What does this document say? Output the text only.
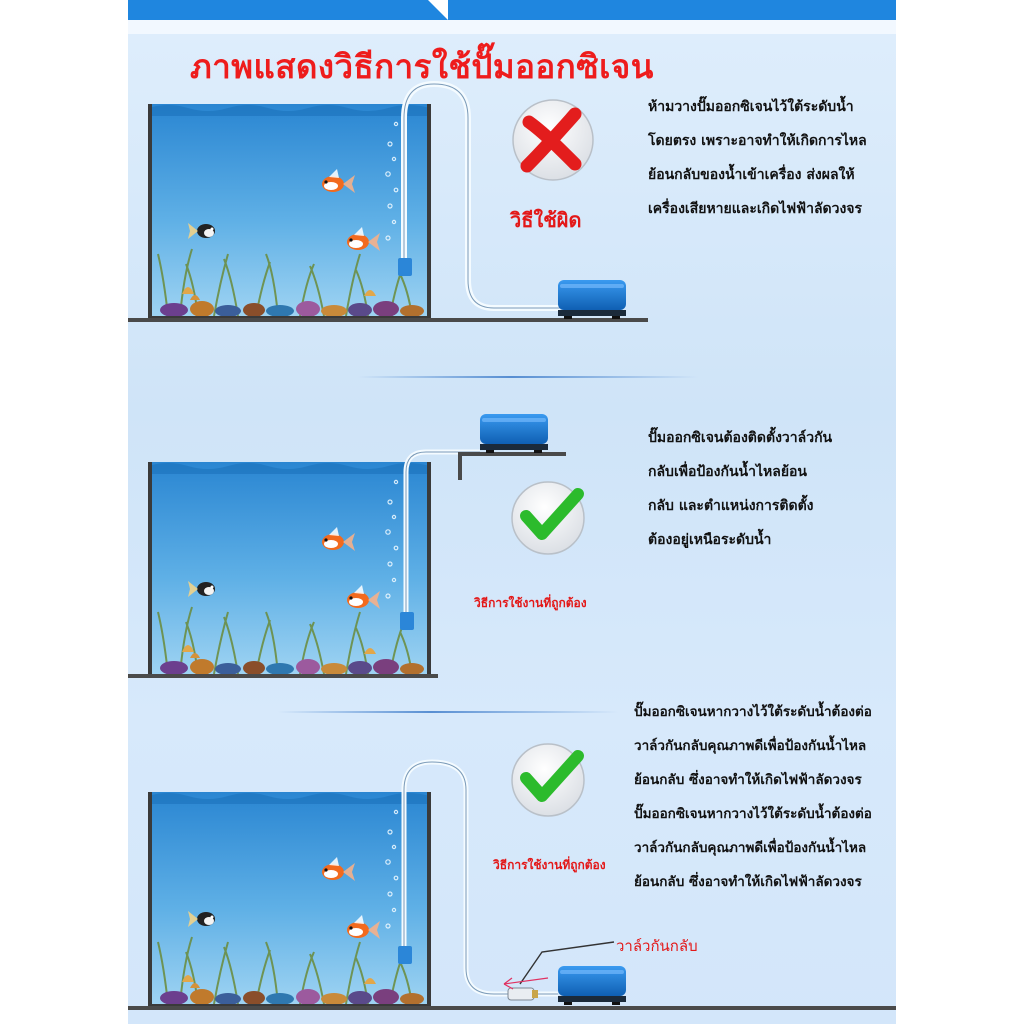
ภาพแสดงวิธีการใช้ปั๊มออกซิเจน
วิธีใช้ผิด
ห้ามวางปั๊มออกซิเจนไว้ใต้ระดับน้ำ
โดยตรง เพราะอาจทำให้เกิดการไหล
ย้อนกลับของน้ำเข้าเครื่อง ส่งผลให้
เครื่องเสียหายและเกิดไฟฟ้าลัดวงจร
วิธีการใช้งานที่ถูกต้อง
ปั๊มออกซิเจนต้องติดตั้งวาล์วกัน
กลับเพื่อป้องกันน้ำไหลย้อน
กลับ และตำแหน่งการติดตั้ง
ต้องอยู่เหนือระดับน้ำ
วิธีการใช้งานที่ถูกต้อง
ปั๊มออกซิเจนหากวางไว้ใต้ระดับน้ำต้องต่อ
วาล์วกันกลับคุณภาพดีเพื่อป้องกันน้ำไหล
ย้อนกลับ ซึ่งอาจทำให้เกิดไฟฟ้าลัดวงจร
ปั๊มออกซิเจนหากวางไว้ใต้ระดับน้ำต้องต่อ
วาล์วกันกลับคุณภาพดีเพื่อป้องกันน้ำไหล
ย้อนกลับ ซึ่งอาจทำให้เกิดไฟฟ้าลัดวงจร
วาล์วกันกลับ
